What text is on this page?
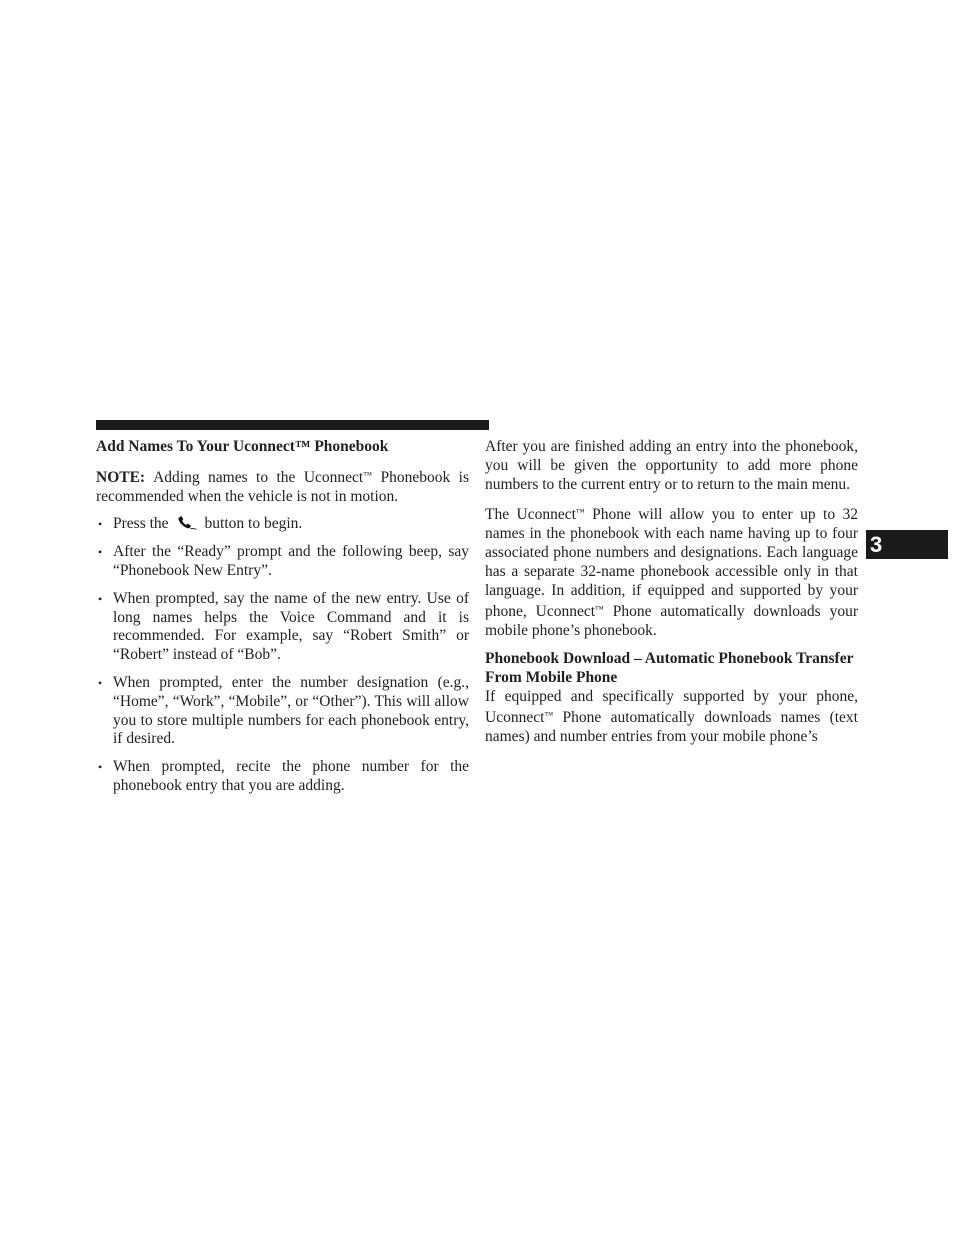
Add Names To Your Uconnect™ Phonebook

NOTE: Adding names to the Uconnect™ Phonebook is recommended when the vehicle is not in motion.

• Press the button to begin.
• After the “Ready” prompt and the following beep, say “Phonebook New Entry”.
• When prompted, say the name of the new entry. Use of long names helps the Voice Command and it is recommended. For example, say “Robert Smith” or “Robert” instead of “Bob”.
• When prompted, enter the number designation (e.g., “Home”, “Work”, “Mobile”, or “Other”). This will allow you to store multiple numbers for each phonebook entry, if desired.
• When prompted, recite the phone number for the phonebook entry that you are adding.

After you are finished adding an entry into the phonebook, you will be given the opportunity to add more phone numbers to the current entry or to return to the main menu.

The Uconnect™ Phone will allow you to enter up to 32 names in the phonebook with each name having up to four associated phone numbers and designations. Each language has a separate 32-name phonebook accessible only in that language. In addition, if equipped and supported by your phone, Uconnect™ Phone automatically downloads your mobile phone’s phonebook.

Phonebook Download – Automatic Phonebook Transfer From Mobile Phone

If equipped and specifically supported by your phone, Uconnect™ Phone automatically downloads names (text names) and number entries from your mobile phone’s

3
